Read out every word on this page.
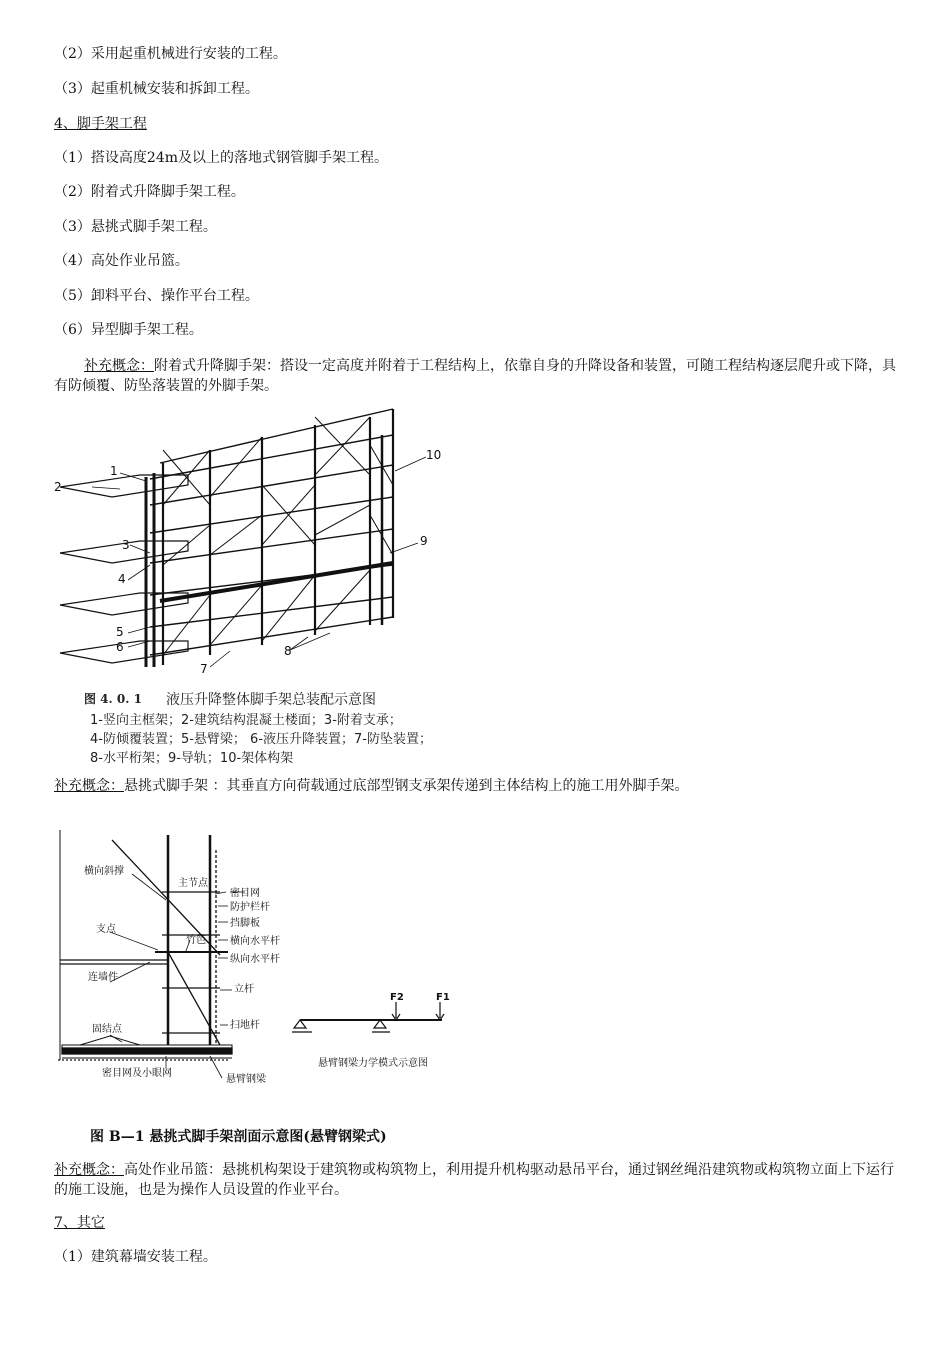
（2）采用起重机械进行安装的工程。
（3）起重机械安装和拆卸工程。
4、脚手架工程
（1）搭设高度24m及以上的落地式钢管脚手架工程。
（2）附着式升降脚手架工程。
（3）悬挑式脚手架工程。
（4）高处作业吊篮。
（5）卸料平台、操作平台工程。
（6）异型脚手架工程。
补充概念：附着式升降脚手架：搭设一定高度并附着于工程结构上，依靠自身的升降设备和装置，可随工程结构逐层爬升或下降，具有防倾覆、防坠落装置的外脚手架。
1
2
3
4
5
6
7
8
9
10
图 4. 0. 1 液压升降整体脚手架总装配示意图
1-竖向主框架；2-建筑结构混凝土楼面；3-附着支承；
4-防倾覆装置；5-悬臂梁； 6-液压升降装置；7-防坠装置；
8-水平桁架；9-导轨；10-架体构架
补充概念：悬挑式脚手架 ：其垂直方向荷载通过底部型钢支承架传递到主体结构上的施工用外脚手架。
横向斜撑
主节点
密目网
防护栏杆
挡脚板
支点
竹笆 横向水平杆
连墙件
纵向水平杆
立杆
扫地杆
固结点
密目网及小眼网
悬臂钢梁
F2	F1
悬臂钢梁力学模式示意图
图 B—1 悬挑式脚手架剖面示意图(悬臂钢梁式)
补充概念：高处作业吊篮：悬挑机构架设于建筑物或构筑物上，利用提升机构驱动悬吊平台，通过钢丝绳沿建筑物或构筑物立面上下运行的施工设施，也是为操作人员设置的作业平台。
7、其它
（1）建筑幕墙安装工程。
